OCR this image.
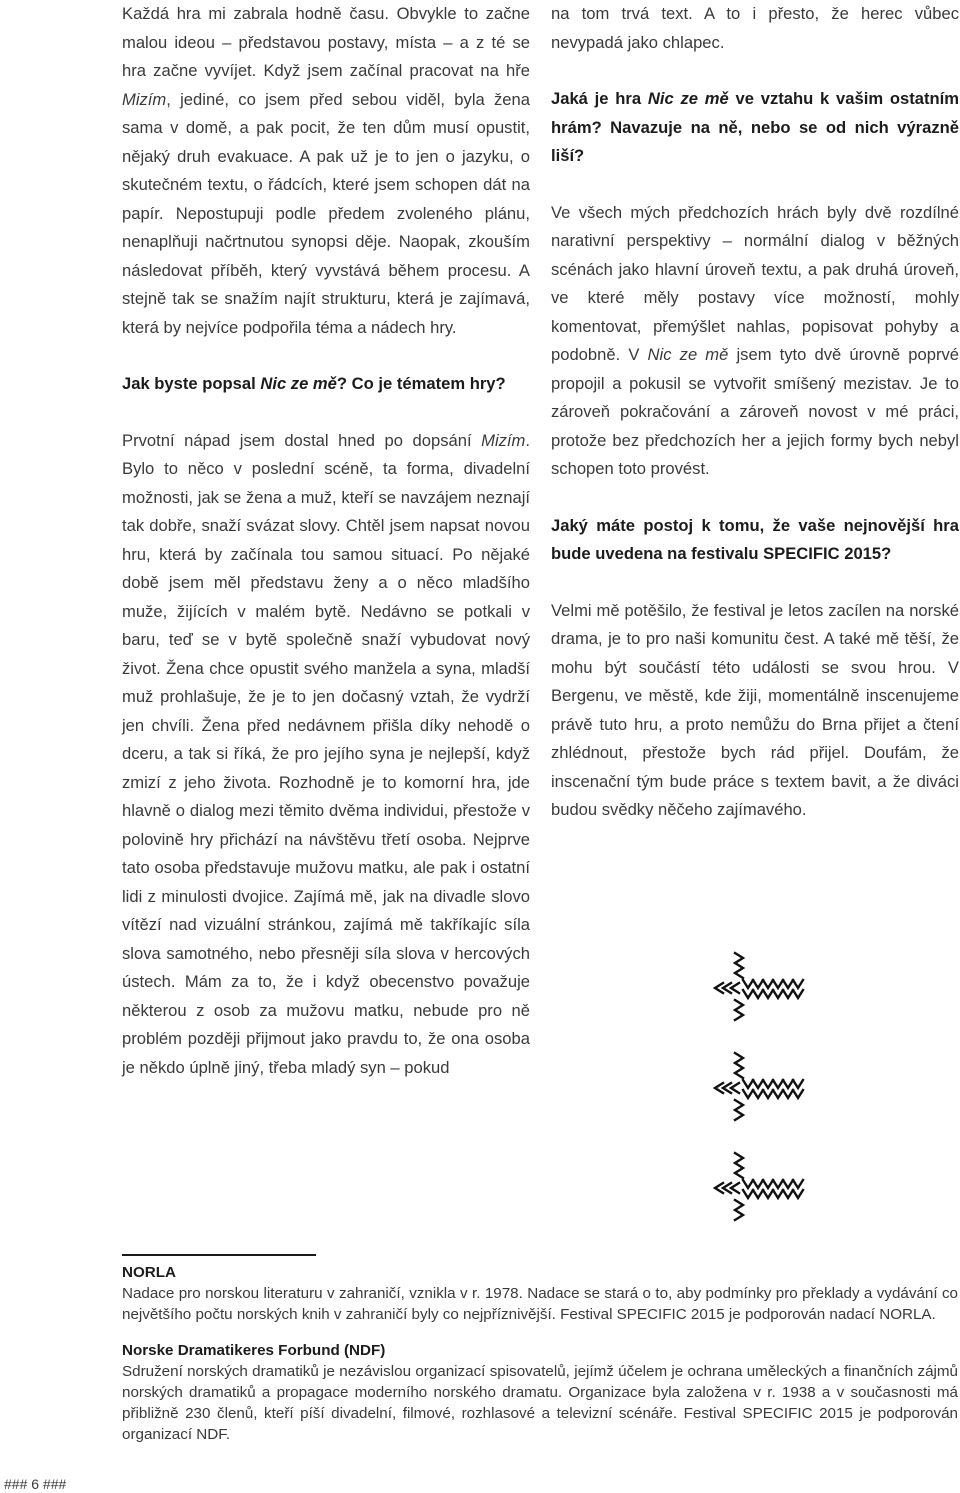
Každá hra mi zabrala hodně času. Obvykle to začne malou ideou – představou postavy, místa – a z té se hra začne vyvíjet. Když jsem začínal pracovat na hře Mizím, jediné, co jsem před sebou viděl, byla žena sama v domě, a pak pocit, že ten dům musí opustit, nějaký druh evakuace. A pak už je to jen o jazyku, o skutečném textu, o řádcích, které jsem schopen dát na papír. Nepostupuji podle předem zvoleného plánu, nenaplňuji načrtnutou synopsi děje. Naopak, zkouším následovat příběh, který vyvstává během procesu. A stejně tak se snažím najít strukturu, která je zajímavá, která by nejvíce podpořila téma a nádech hry.

Jak byste popsal Nic ze mě? Co je tématem hry?

Prvotní nápad jsem dostal hned po dopsání Mizím. Bylo to něco v poslední scéně, ta forma, divadelní možnosti, jak se žena a muž, kteří se navzájem neznají tak dobře, snaží svázat slovy. Chtěl jsem napsat novou hru, která by začínala tou samou situací. Po nějaké době jsem měl představu ženy a o něco mladšího muže, žijících v malém bytě. Nedávno se potkali v baru, teď se v bytě společně snaží vybudovat nový život. Žena chce opustit svého manžela a syna, mladší muž prohlašuje, že je to jen dočasný vztah, že vydrží jen chvíli. Žena před nedávnem přišla díky nehodě o dceru, a tak si říká, že pro jejího syna je nejlepší, když zmizí z jeho života. Rozhodně je to komorní hra, jde hlavně o dialog mezi těmito dvěma individui, přestože v polovině hry přichází na návštěvu třetí osoba. Nejprve tato osoba představuje mužovu matku, ale pak i ostatní lidi z minulosti dvojice. Zajímá mě, jak na divadle slovo vítězí nad vizuální stránkou, zajímá mě takříkajíc síla slova samotného, nebo přesněji síla slova v hercových ústech. Mám za to, že i když obecenstvo považuje některou z osob za mužovu matku, nebude pro ně problém později přijmout jako pravdu to, že ona osoba je někdo úplně jiný, třeba mladý syn – pokud

na tom trvá text. A to i přesto, že herec vůbec nevypadá jako chlapec.

Jaká je hra Nic ze mě ve vztahu k vašim ostatním hrám? Navazuje na ně, nebo se od nich výrazně liší?

Ve všech mých předchozích hrách byly dvě rozdílné narativní perspektivy – normální dialog v běžných scénách jako hlavní úroveň textu, a pak druhá úroveň, ve které měly postavy více možností, mohly komentovat, přemýšlet nahlas, popisovat pohyby a podobně. V Nic ze mě jsem tyto dvě úrovně poprvé propojil a pokusil se vytvořit smíšený mezistav. Je to zároveň pokračování a zároveň novost v mé práci, protože bez předchozích her a jejich formy bych nebyl schopen toto provést.

Jaký máte postoj k tomu, že vaše nejnovější hra bude uvedena na festivalu SPECIFIC 2015?

Velmi mě potěšilo, že festival je letos zacílen na norské drama, je to pro naši komunitu čest. A také mě těší, že mohu být součástí této události se svou hrou. V Bergenu, ve městě, kde žiji, momentálně inscenujeme právě tuto hru, a proto nemůžu do Brna přijet a čtení zhlédnout, přestože bych rád přijel. Doufám, že inscenační tým bude práce s textem bavit, a že diváci budou svědky něčeho zajímavého.

NORLA

Nadace pro norskou literaturu v zahraničí, vznikla v r. 1978. Nadace se stará o to, aby podmínky pro překlady a vydávání co největšího počtu norských knih v zahraničí byly co nejpříznivější. Festival SPECIFIC 2015 je podporován nadací NORLA.

Norske Dramatikeres Forbund (NDF)

Sdružení norských dramatiků je nezávislou organizací spisovatelů, jejímž účelem je ochrana uměleckých a finančních zájmů norských dramatiků a propagace moderního norského dramatu. Organizace byla založena v r. 1938 a v současnosti má přibližně 230 členů, kteří píší divadelní, filmové, rozhlasové a televizní scénáře. Festival SPECIFIC 2015 je podporován organizací NDF.

### 6 ###
